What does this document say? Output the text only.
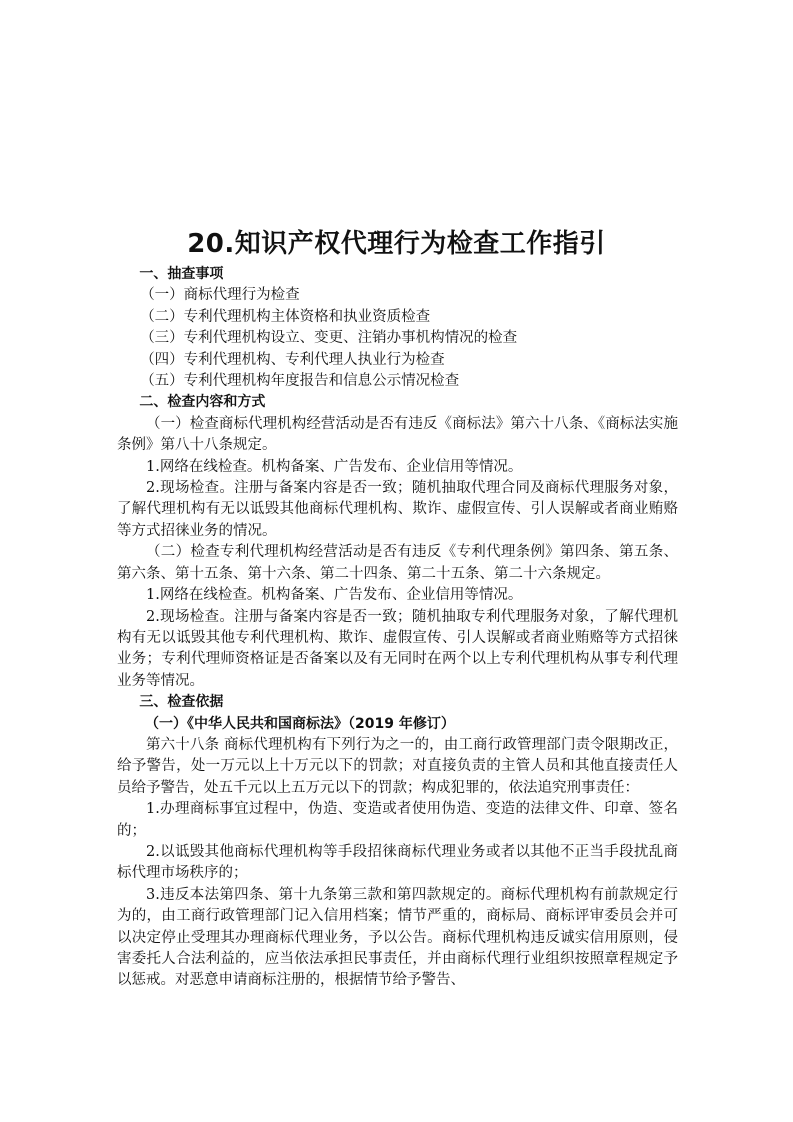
20.知识产权代理行为检查工作指引

一、抽查事项

（一）商标代理行为检查

（二）专利代理机构主体资格和执业资质检查

（三）专利代理机构设立、变更、注销办事机构情况的检查

（四）专利代理机构、专利代理人执业行为检查

（五）专利代理机构年度报告和信息公示情况检查

二、检查内容和方式

（一）检查商标代理机构经营活动是否有违反《商标法》第六十八条、《商标法实施条例》第八十八条规定。

1.网络在线检查。机构备案、广告发布、企业信用等情况。

2.现场检查。注册与备案内容是否一致；随机抽取代理合同及商标代理服务对象，了解代理机构有无以诋毁其他商标代理机构、欺诈、虚假宣传、引人误解或者商业贿赂等方式招徕业务的情况。

（二）检查专利代理机构经营活动是否有违反《专利代理条例》第四条、第五条、第六条、第十五条、第十六条、第二十四条、第二十五条、第二十六条规定。

1.网络在线检查。机构备案、广告发布、企业信用等情况。

2.现场检查。注册与备案内容是否一致；随机抽取专利代理服务对象，了解代理机构有无以诋毁其他专利代理机构、欺诈、虚假宣传、引人误解或者商业贿赂等方式招徕业务；专利代理师资格证是否备案以及有无同时在两个以上专利代理机构从事专利代理业务等情况。

三、检查依据

（一）《中华人民共和国商标法》（2019 年修订）

第六十八条 商标代理机构有下列行为之一的，由工商行政管理部门责令限期改正，给予警告，处一万元以上十万元以下的罚款；对直接负责的主管人员和其他直接责任人员给予警告，处五千元以上五万元以下的罚款；构成犯罪的，依法追究刑事责任：

1.办理商标事宜过程中，伪造、变造或者使用伪造、变造的法律文件、印章、签名的；

2.以诋毁其他商标代理机构等手段招徕商标代理业务或者以其他不正当手段扰乱商标代理市场秩序的；

3.违反本法第四条、第十九条第三款和第四款规定的。商标代理机构有前款规定行为的，由工商行政管理部门记入信用档案；情节严重的，商标局、商标评审委员会并可以决定停止受理其办理商标代理业务，予以公告。商标代理机构违反诚实信用原则，侵害委托人合法利益的，应当依法承担民事责任，并由商标代理行业组织按照章程规定予以惩戒。对恶意申请商标注册的，根据情节给予警告、
